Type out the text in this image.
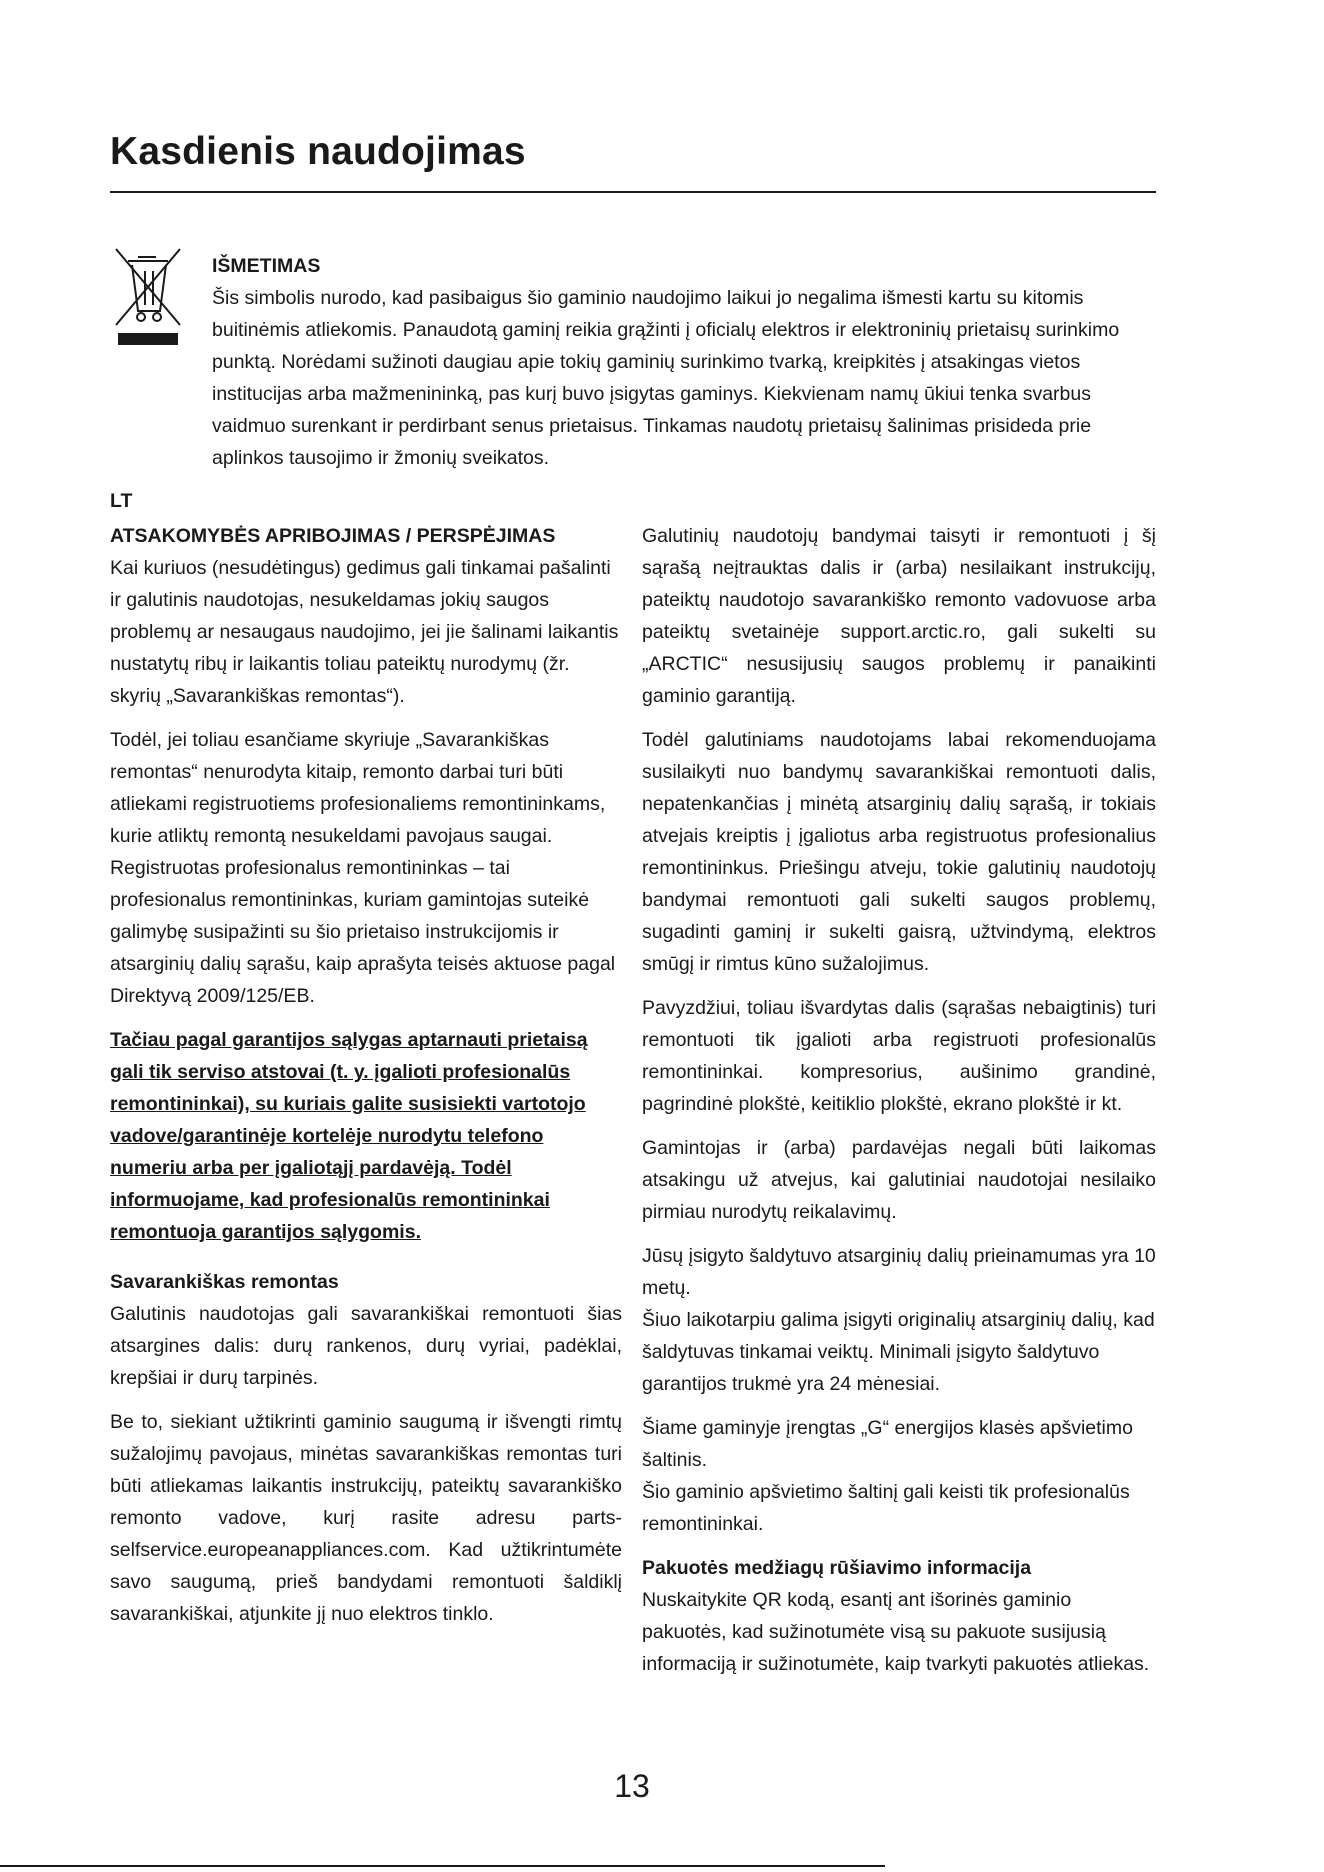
Kasdienis naudojimas
IŠMETIMAS
Šis simbolis nurodo, kad pasibaigus šio gaminio naudojimo laikui jo negalima išmesti kartu su kitomis buitinėmis atliekomis. Panaudotą gaminį reikia grąžinti į oficialų elektros ir elektroninių prietaisų surinkimo punktą. Norėdami sužinoti daugiau apie tokių gaminių surinkimo tvarką, kreipkitės į atsakingas vietos institucijas arba mažmenininką, pas kurį buvo įsigytas gaminys. Kiekvienam namų ūkiui tenka svarbus vaidmuo surenkant ir perdirbant senus prietaisus. Tinkamas naudotų prietaisų šalinimas prisideda prie aplinkos tausojimo ir žmonių sveikatos.
LT
ATSAKOMYBĖS APRIBOJIMAS / PERSPĖJIMAS

Kai kuriuos (nesudėtingus) gedimus gali tinkamai pašalinti ir galutinis naudotojas, nesukeldamas jokių saugos problemų ar nesaugaus naudojimo, jei jie šalinami laikantis nustatytų ribų ir laikantis toliau pateiktų nurodymų (žr. skyrių „Savarankiškas remontas“).

Todėl, jei toliau esančiame skyriuje „Savarankiškas remontas“ nenurodyta kitaip, remonto darbai turi būti atliekami registruotiems profesionaliems remontininkams, kurie atliktų remontą nesukeldami pavojaus saugai. Registruotas profesionalus remontininkas – tai profesionalus remontininkas, kuriam gamintojas suteikė galimybę susipažinti su šio prietaiso instrukcijomis ir atsarginių dalių sąrašu, kaip aprašyta teisės aktuose pagal Direktyvą 2009/125/EB.

Tačiau pagal garantijos sąlygas aptarnauti prietaisą gali tik serviso atstovai (t. y. įgalioti profesionalūs remontininkai), su kuriais galite susisiekti vartotojo vadove/garantinėje kortelėje nurodytu telefono numeriu arba per įgaliotąjį pardavėją. Todėl informuojame, kad profesionalūs remontininkai remontuoja garantijos sąlygomis.

Savarankiškas remontas

Galutinis naudotojas gali savarankiškai remontuoti šias atsargines dalis: durų rankenos, durų vyriai, padėklai, krepšiai ir durų tarpinės.

Be to, siekiant užtikrinti gaminio saugumą ir išvengti rimtų sužalojimų pavojaus, minėtas savarankiškas remontas turi būti atliekamas laikantis instrukcijų, pateiktų savarankiško remonto vadove, kurį rasite adresu parts-selfservice.europeanappliances.com. Kad užtikrintumėte savo saugumą, prieš bandydami remontuoti šaldiklį savarankiškai, atjunkite jį nuo elektros tinklo.

Galutinių naudotojų bandymai taisyti ir remontuoti į šį sąrašą neįtrauktas dalis ir (arba) nesilaikant instrukcijų, pateiktų naudotojo savarankiško remonto vadovuose arba pateiktų svetainėje support.arctic.ro, gali sukelti su „ARCTIC“ nesusijusių saugos problemų ir panaikinti gaminio garantiją.

Todėl galutiniams naudotojams labai rekomenduojama susilaikyti nuo bandymų savarankiškai remontuoti dalis, nepatenkančias į minėtą atsarginių dalių sąrašą, ir tokiais atvejais kreiptis į įgaliotus arba registruotus profesionalius remontininkus. Priešingu atveju, tokie galutinių naudotojų bandymai remontuoti gali sukelti saugos problemų, sugadinti gaminį ir sukelti gaisrą, užtvindymą, elektros smūgį ir rimtus kūno sužalojimus.

Pavyzdžiui, toliau išvardytas dalis (sąrašas nebaigtinis) turi remontuoti tik įgalioti arba registruoti profesionalūs remontininkai. kompresorius, aušinimo grandinė, pagrindinė plokštė, keitiklio plokštė, ekrano plokštė ir kt.

Gamintojas ir (arba) pardavėjas negali būti laikomas atsakingu už atvejus, kai galutiniai naudotojai nesilaiko pirmiau nurodytų reikalavimų.

Jūsų įsigyto šaldytuvo atsarginių dalių prieinamumas yra 10 metų.
Šiuo laikotarpiu galima įsigyti originalių atsarginių dalių, kad šaldytuvas tinkamai veiktų. Minimali įsigyto šaldytuvo garantijos trukmė yra 24 mėnesiai.

Šiame gaminyje įrengtas „G“ energijos klasės apšvietimo šaltinis.
Šio gaminio apšvietimo šaltinį gali keisti tik profesionalūs remontininkai.

Pakuotės medžiagų rūšiavimo informacija

Nuskaitykite QR kodą, esantį ant išorinės gaminio pakuotės, kad sužinotumėte visą su pakuote susijusią informaciją ir sužinotumėte, kaip tvarkyti pakuotės atliekas.

13
